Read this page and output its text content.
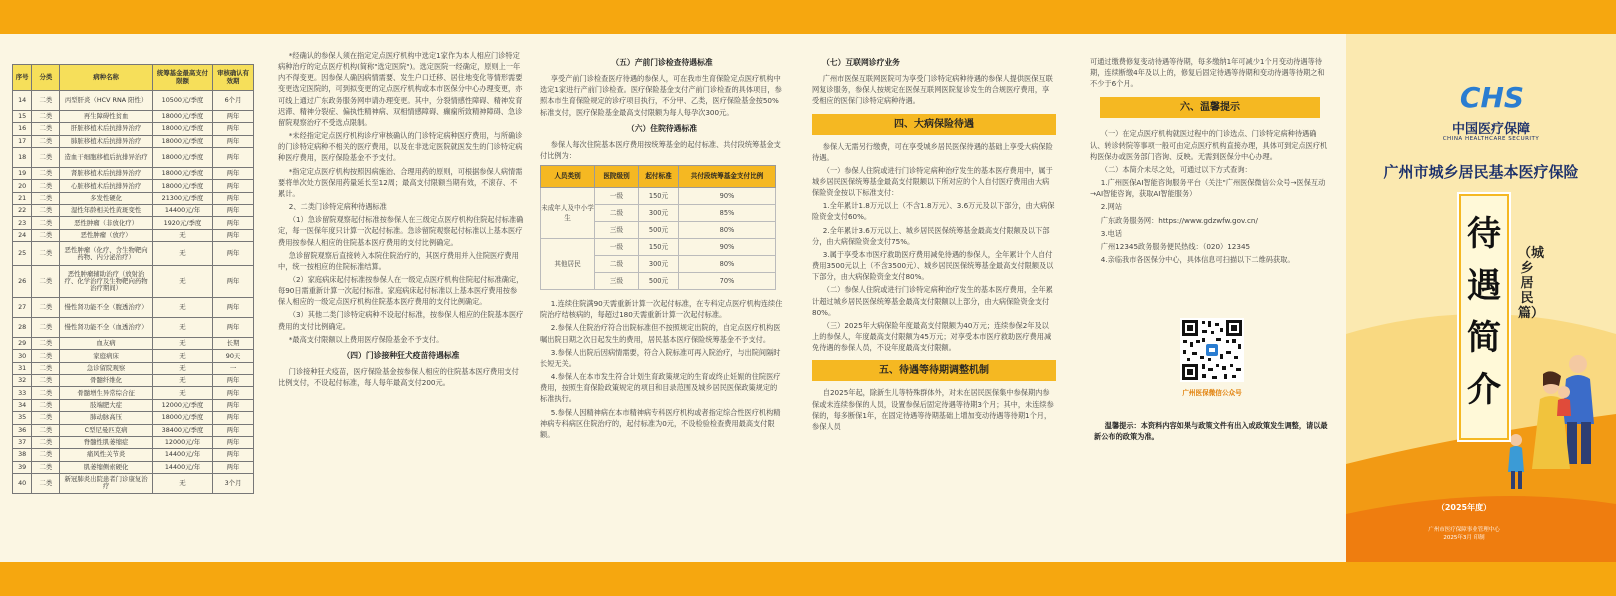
序号	分类	病种名称	统筹基金最高支付限额	审核确认有效期
14	二类	丙型肝炎（HCV RNA 阳性）	10500元/季度	6个月
15	二类	再生障碍性贫血	18000元/季度	两年
16	二类	肝脏移植术后抗排异治疗	18000元/季度	两年
17	二类	肺脏移植术后抗排异治疗	18000元/季度	两年
18	二类	造血干细胞移植后抗排异治疗	18000元/季度	两年
19	二类	肾脏移植术后抗排异治疗	18000元/季度	两年
20	二类	心脏移植术后抗排异治疗	18000元/季度	两年
21	二类	多发性硬化	21300元/季度	两年
22	二类	湿性年龄相关性黄斑变性	14400元/年	两年
23	二类	恶性肿瘤（非放化疗）	1920元/季度	两年
24	二类	恶性肿瘤（放疗）	无	两年
25	二类	恶性肿瘤（化疗、含生物靶向药物、内分泌治疗）	无	两年
26	二类	恶性肿瘤辅助治疗（放射治疗、化学治疗及生物靶向药物治疗期间）	无	两年
27	二类	慢性肾功能不全（腹透治疗）	无	两年
28	二类	慢性肾功能不全（血透治疗）	无	两年
29	二类	血友病	无	长期
30	二类	家庭病床	无	90天
31	二类	急诊留院观察	无	一
32	二类	骨髓纤维化	无	两年
33	二类	骨髓增生异常综合征	无	两年
34	二类	肢端肥大症	12000元/季度	两年
35	二类	肺动脉高压	18000元/季度	两年
36	二类	C型尼曼匹克病	38400元/季度	两年
37	二类	脊髓性肌萎缩症	12000元/年	两年
38	二类	痛风性关节炎	14400元/年	两年
39	二类	肌萎缩侧索硬化	14400元/年	两年
40	二类	新冠肺炎出院患者门诊康复治疗	无	3个月

*经确认的参保人须在指定定点医疗机构中选定1家作为本人相应门诊特定病种治疗的定点医疗机构(简称"选定医院")。选定医院一经确定，原则上一年内不得变更。因参保人确因病情需要、发生户口迁移、居住地变化等情形需要变更选定医院的，可到拟变更的定点医疗机构或本市医保分中心办理变更，亦可线上通过广东政务服务网申请办理变更。其中，分裂情感性障碍、精神发育迟滞、精神分裂症、偏执性精神病、双相情感障碍、癫痫所致精神障碍、急诊留院观察治疗不受选点限制。

*未经指定定点医疗机构诊疗审核确认的门诊特定病种医疗费用，与所确诊的门诊特定病种不相关的医疗费用，以及在非选定医院就医发生的门诊特定病种医疗费用，医疗保险基金不予支付。

*指定定点医疗机构按照因病施治、合理用药的原则，可根据参保人病情需要将单次处方医保用药量延长至12周；最高支付限额当期有效，不滚存、不累计。

2、二类门诊特定病种待遇标准

（1）急诊留院观察起付标准按参保人在三级定点医疗机构住院起付标准确定，每一医保年度只计算一次起付标准。急诊留院观察起付标准以上基本医疗费用按参保人相应的住院基本医疗费用的支付比例确定。

急诊留院观察后直接转入本院住院治疗的，其医疗费用并入住院医疗费用中，统一按相应的住院标准结算。

（2）家庭病床起付标准按参保人在一级定点医疗机构住院起付标准确定，每90日需重新计算一次起付标准。家庭病床起付标准以上基本医疗费用按参保人相应的一级定点医疗机构住院基本医疗费用的支付比例确定。

（3）其他二类门诊特定病种不设起付标准，按参保人相应的住院基本医疗费用的支付比例确定。

*最高支付限额以上费用医疗保险基金不予支付。

（四）门诊接种狂犬疫苗待遇标准

门诊接种狂犬疫苗，医疗保险基金按参保人相应的住院基本医疗费用支付比例支付，不设起付标准，每人每年最高支付200元。

（五）产前门诊检查待遇标准

享受产前门诊检查医疗待遇的参保人，可在我市生育保险定点医疗机构中选定1家进行产前门诊检查。医疗保险基金支付产前门诊检查的具体项目，参照本市生育保险规定的诊疗项目执行，不分甲、乙类，医疗保险基金按50%标准支付，医疗保险基金最高支付限额为每人每孕次300元。

（六）住院待遇标准

参保人每次住院基本医疗费用按统筹基金的起付标准、共付段统筹基金支付比例为：

人员类别	医院级别	起付标准	共付段统筹基金支付比例
未成年人及中小学生	一级	150元	90%
	二级	300元	85%
	三级	500元	80%
其他居民	一级	150元	90%
	二级	300元	80%
	三级	500元	70%

1.连续住院满90天需重新计算一次起付标准，在专科定点医疗机构连续住院治疗结核病的，每超过180天需重新计算一次起付标准。

2.参保人住院治疗符合出院标准但不按照规定出院的，自定点医疗机构医嘱出院日期之次日起发生的费用，居民基本医疗保险统筹基金不予支付。

3.参保人出院后因病情需要，符合入院标准可再入院治疗，与出院间隔时长短无关。

4.参保人在本市发生符合计划生育政策规定的生育或终止妊娠的住院医疗费用，按照生育保险政策规定的项目和目录范围及城乡居民医保政策规定的标准执行。

5.参保人因精神病在本市精神病专科医疗机构或者指定综合性医疗机构精神病专科病区住院治疗的，起付标准为0元，不设检验检查费用最高支付限额。

（七）互联网诊疗业务

广州市医保互联网医院可为享受门诊特定病种待遇的参保人提供医保互联网复诊服务，参保人按规定在医保互联网医院复诊发生的合规医疗费用，享受相应的医保门诊特定病种待遇。

四、大病保险待遇

参保人无需另行缴费，可在享受城乡居民医保待遇的基础上享受大病保险待遇。

（一）参保人住院或进行门诊特定病种治疗发生的基本医疗费用中，属于城乡居民医保统筹基金最高支付限额以下所对应的个人自付医疗费用由大病保险资金按以下标准支付：

1.全年累计1.8万元以上（不含1.8万元）、3.6万元及以下部分，由大病保险资金支付60%。

2.全年累计3.6万元以上、城乡居民医保统筹基金最高支付限额及以下部分，由大病保险资金支付75%。

3.属于享受本市医疗救助医疗费用减免待遇的参保人，全年累计个人自付费用3500元以上（不含3500元）、城乡居民医保统筹基金最高支付限额及以下部分，由大病保险资金支付80%。

（二）参保人住院或进行门诊特定病种治疗发生的基本医疗费用，全年累计超过城乡居民医保统筹基金最高支付限额以上部分，由大病保险资金支付80%。

（三）2025年大病保险年度最高支付限额为40万元；连续参保2年及以上的参保人，年度最高支付限额为45万元；对享受本市医疗救助医疗费用减免待遇的参保人员，不设年度最高支付限额。

五、待遇等待期调整机制

自2025年起，除新生儿等特殊群体外，对未在居民医保集中参保期内参保或未连续参保的人员，设置参保后固定待遇等待期3个月；其中，未连续参保的，每多断保1年，在固定待遇等待期基础上增加变动待遇等待期1个月，参保人员

可通过缴费修复变动待遇等待期，每多缴纳1年可减少1个月变动待遇等待期，连续断缴4年及以上的，修复后固定待遇等待期和变动待遇等待期之和不少于6个月。

六、温馨提示

（一）在定点医疗机构就医过程中的门诊选点、门诊特定病种待遇确认、转诊转院等事项一般可由定点医疗机构直接办理，具体可到定点医疗机构医保办或医务部门咨询、反映。无需到医保分中心办理。

（二）本简介未尽之处，可通过以下方式查询：

1.广州医保AI智能咨询服务平台（关注"广州医保微信公众号→医保互动→AI智能咨询，获取AI智能服务）

2.网站

广东政务服务网：https://www.gdzwfw.gov.cn/

3.电话

广州12345政务服务便民热线：（020）12345

4.亲临我市各医保分中心，具体信息可扫描以下二维码获取。

广州医保微信公众号
温馨提示：本资料内容如果与政策文件有出入或政策发生调整，请以最新公布的政策为准。
CHS
中国医疗保障
CHINA HEALTHCARE SECURITY
广州市城乡居民基本医疗保险
待遇简介
（城乡居民篇）
（2025年度）
广州市医疗保障事业管理中心
2025年3月 印制
